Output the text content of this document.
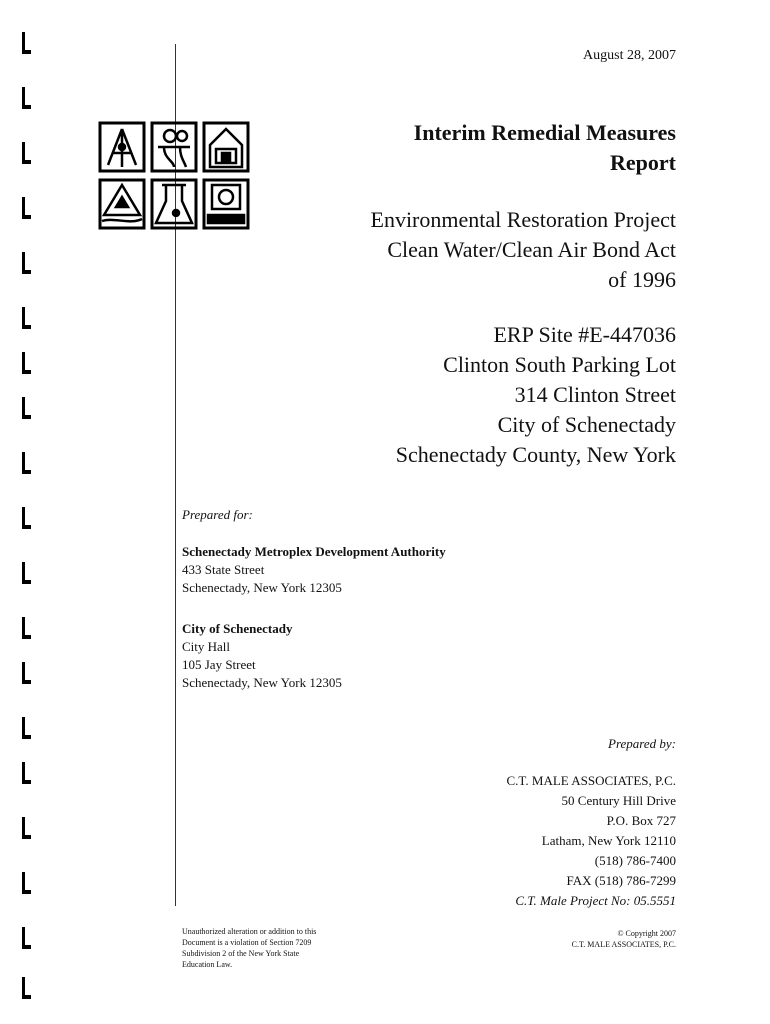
August 28, 2007
Interim Remedial Measures
Report
Environmental Restoration Project
Clean Water/Clean Air Bond Act
of 1996
ERP Site #E-447036
Clinton South Parking Lot
314 Clinton Street
City of Schenectady
Schenectady County, New York
Prepared for:
Schenectady Metroplex Development Authority
433 State Street
Schenectady, New York 12305
City of Schenectady
City Hall
105 Jay Street
Schenectady, New York 12305
Prepared by:
C.T. MALE ASSOCIATES, P.C.
50 Century Hill Drive
P.O. Box 727
Latham, New York 12110
(518) 786-7400
FAX (518) 786-7299
C.T. Male Project No: 05.5551
Unauthorized alteration or addition to this
Document is a violation of Section 7209
Subdivision 2 of the New York State
Education Law.
© Copyright 2007
C.T. MALE ASSOCIATES, P.C.
